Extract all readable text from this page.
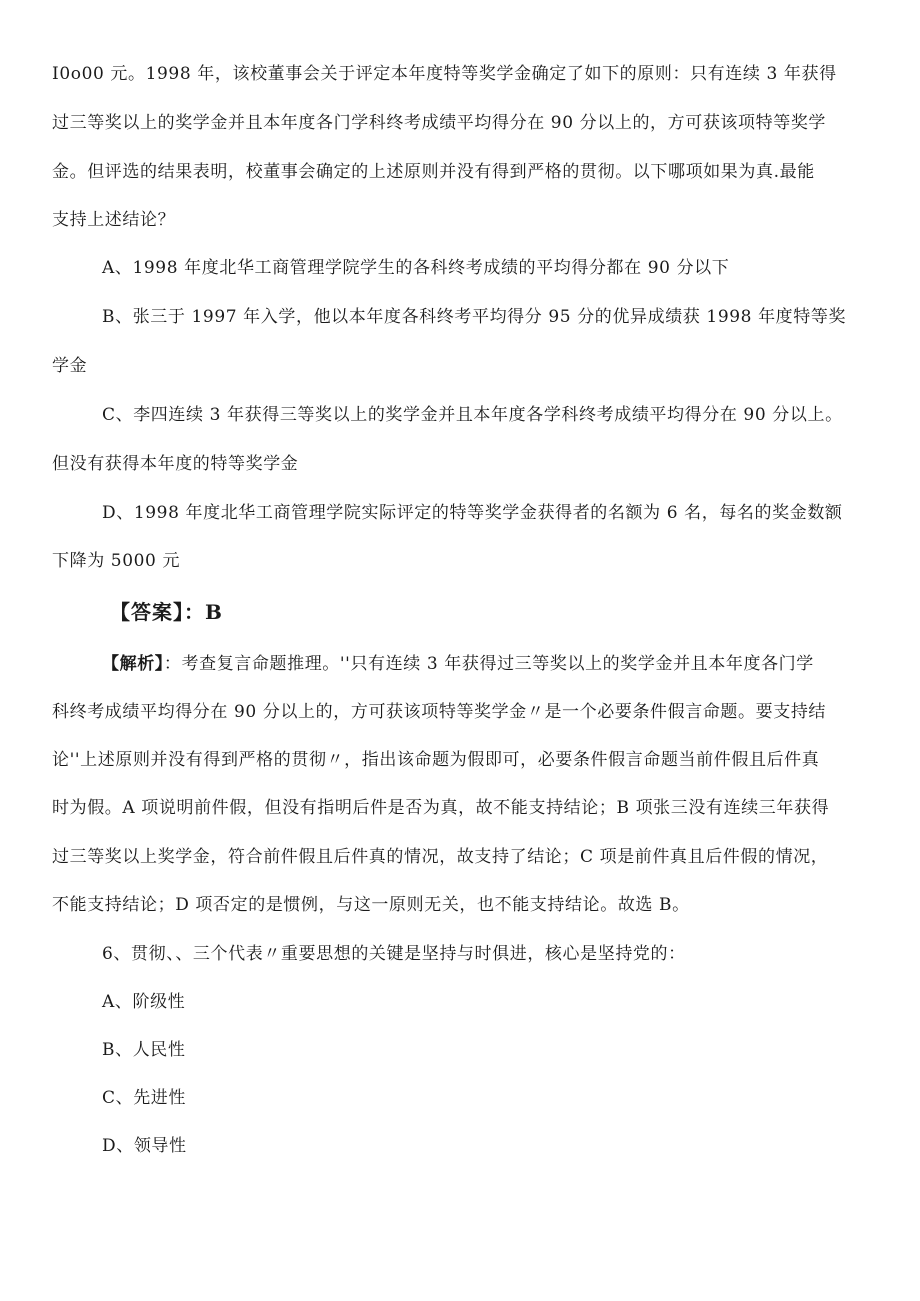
I0o00 元。1998 年，该校董事会关于评定本年度特等奖学金确定了如下的原则：只有连续 3 年获得
过三等奖以上的奖学金并且本年度各门学科终考成绩平均得分在 90 分以上的，方可获该项特等奖学
金。但评选的结果表明，校董事会确定的上述原则并没有得到严格的贯彻。以下哪项如果为真.最能
支持上述结论？
A、1998 年度北华工商管理学院学生的各科终考成绩的平均得分都在 90 分以下
B、张三于 1997 年入学，他以本年度各科终考平均得分 95 分的优异成绩获 1998 年度特等奖
学金
C、李四连续 3 年获得三等奖以上的奖学金并且本年度各学科终考成绩平均得分在 90 分以上。
但没有获得本年度的特等奖学金
D、1998 年度北华工商管理学院实际评定的特等奖学金获得者的名额为 6 名，每名的奖金数额
下降为 5000 元
【答案】：B
【解析】：考查复言命题推理。''只有连续 3 年获得过三等奖以上的奖学金并且本年度各门学
科终考成绩平均得分在 90 分以上的，方可获该项特等奖学金〃是一个必要条件假言命题。要支持结
论''上述原则并没有得到严格的贯彻〃，指出该命题为假即可，必要条件假言命题当前件假且后件真
时为假。A 项说明前件假，但没有指明后件是否为真，故不能支持结论；B 项张三没有连续三年获得
过三等奖以上奖学金，符合前件假且后件真的情况，故支持了结论；C 项是前件真且后件假的情况，
不能支持结论；D 项否定的是惯例，与这一原则无关，也不能支持结论。故选 B。
6、贯彻、、三个代表〃重要思想的关键是坚持与时俱进，核心是坚持党的：
A、阶级性
B、人民性
C、先进性
D、领导性
